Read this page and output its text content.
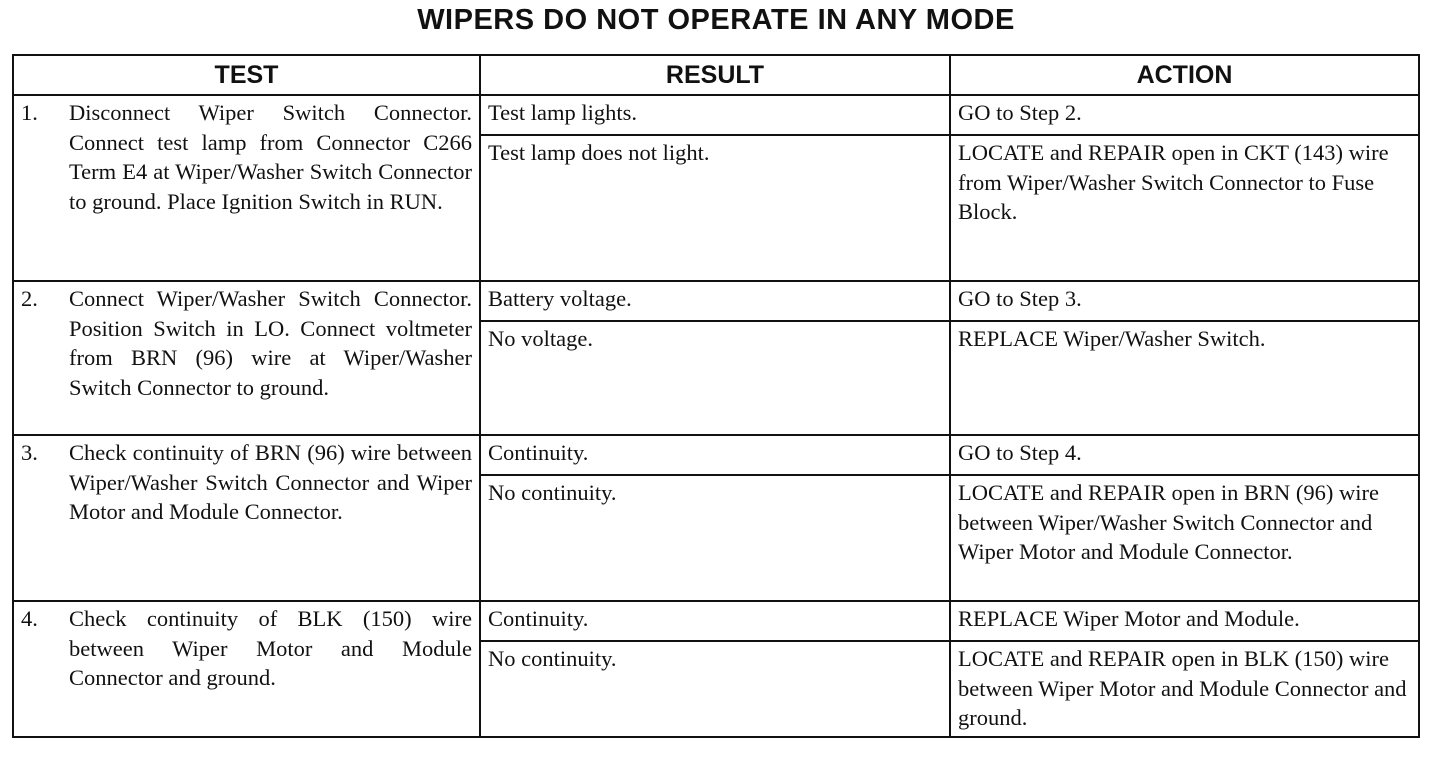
WIPERS DO NOT OPERATE IN ANY MODE
TEST	RESULT	ACTION

1. Disconnect Wiper Switch Connector. Connect test lamp from Connector C266 Term E4 at Wiper/Washer Switch Connector to ground. Place Ignition Switch in RUN.	Test lamp lights.	GO to Step 2.
	Test lamp does not light.	LOCATE and REPAIR open in CKT (143) wire from Wiper/Washer Switch Connector to Fuse Block.

2. Connect Wiper/Washer Switch Connector. Position Switch in LO. Connect voltmeter from BRN (96) wire at Wiper/Washer Switch Connector to ground.	Battery voltage.	GO to Step 3.
	No voltage.	REPLACE Wiper/Washer Switch.

3. Check continuity of BRN (96) wire between Wiper/Washer Switch Connector and Wiper Motor and Module Connector.	Continuity.	GO to Step 4.
	No continuity.	LOCATE and REPAIR open in BRN (96) wire between Wiper/Washer Switch Connector and Wiper Motor and Module Connector.

4. Check continuity of BLK (150) wire between Wiper Motor and Module Connector and ground.	Continuity.	REPLACE Wiper Motor and Module.
	No continuity.	LOCATE and REPAIR open in BLK (150) wire between Wiper Motor and Module Connector and ground.
